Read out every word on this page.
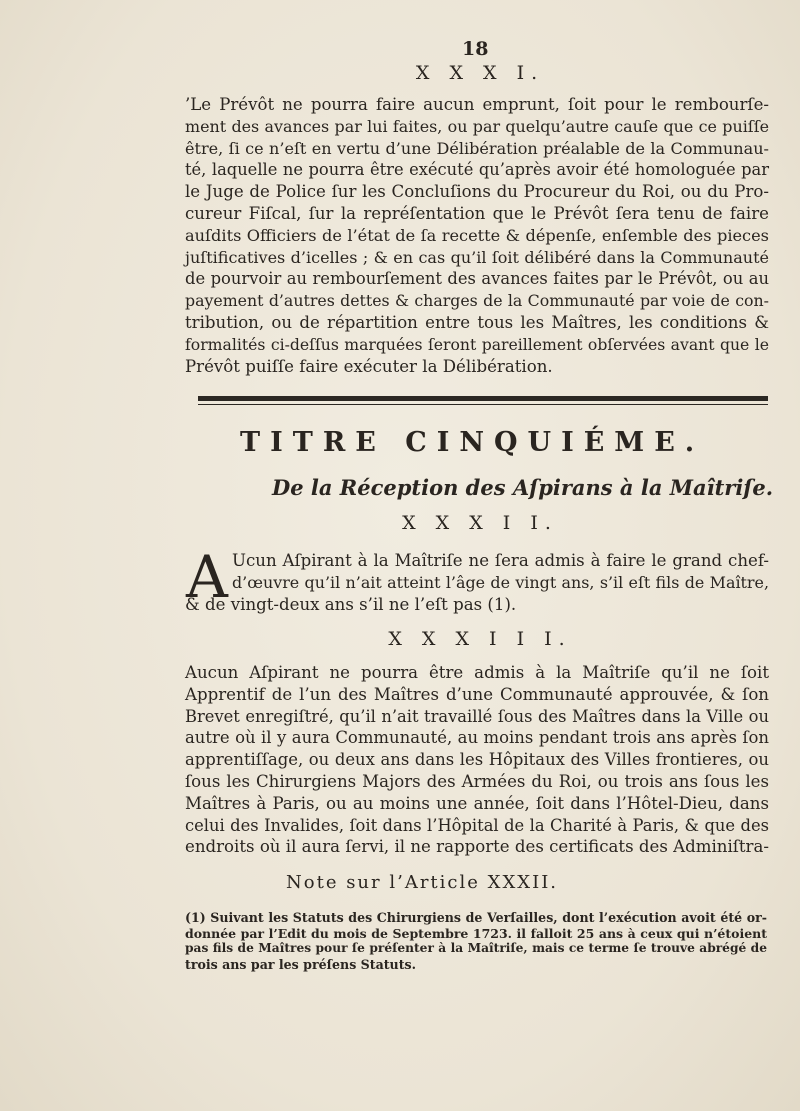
18
X X X I.
’Le Prévôt ne pourra faire aucun emprunt, ſoit pour le rembourſe-
ment des avances par lui faites, ou par quelqu’autre cauſe que ce puiſſe
être, ſi ce n’eſt en vertu d’une Délibération préalable de la Communau-
té, laquelle ne pourra être exécuté qu’après avoir été homologuée par
le Juge de Police ſur les Concluſions du Procureur du Roi, ou du Pro-
cureur Fiſcal, ſur la repréſentation que le Prévôt ſera tenu de faire
auſdits Officiers de l’état de ſa recette & dépenſe, enſemble des pieces
juſtificatives d’icelles ; & en cas qu’il ſoit délibéré dans la Communauté
de pourvoir au rembourſement des avances faites par le Prévôt, ou au
payement d’autres dettes & charges de la Communauté par voie de con-
tribution, ou de répartition entre tous les Maîtres, les conditions &
formalités ci-deſſus marquées ſeront pareillement obſervées avant que le
Prévôt puiſſe faire exécuter la Délibération.
TITRE CINQUIÉME.
De la Réception des Aſpirans à la Maîtriſe.
X X X I I.
A Ucun Aſpirant à la Maîtriſe ne ſera admis à faire le grand chef-
d’œuvre qu’il n’ait atteint l’âge de vingt ans, s’il eſt fils de Maître,
& de vingt-deux ans s’il ne l’eſt pas (1).
X X X I I I.
Aucun Aſpirant ne pourra être admis à la Maîtriſe qu’il ne ſoit
Apprentif de l’un des Maîtres d’une Communauté approuvée, & ſon
Brevet enregiſtré, qu’il n’ait travaillé ſous des Maîtres dans la Ville ou
autre où il y aura Communauté, au moins pendant trois ans après ſon
apprentiſſage, ou deux ans dans les Hôpitaux des Villes frontieres, ou
ſous les Chirurgiens Majors des Armées du Roi, ou trois ans ſous les
Maîtres à Paris, ou au moins une année, ſoit dans l’Hôtel-Dieu, dans
celui des Invalides, ſoit dans l’Hôpital de la Charité à Paris, & que des
endroits où il aura ſervi, il ne rapporte des certificats des Adminiſtra-
Note sur l’Article XXXII.
(1) Suivant les Statuts des Chirurgiens de Verſailles, dont l’exécution avoit été or-
donnée par l’Edit du mois de Septembre 1723. il falloit 25 ans à ceux qui n’étoient
pas fils de Maîtres pour ſe préſenter à la Maîtriſe, mais ce terme ſe trouve abrégé de
trois ans par les préſens Statuts.
